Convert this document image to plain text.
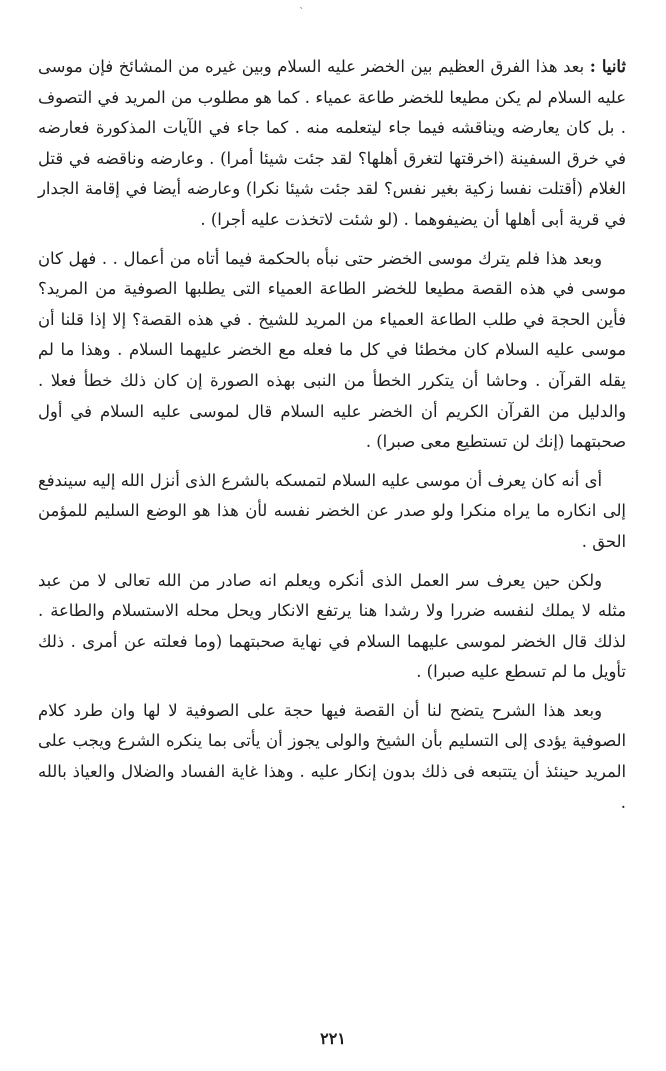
`

ثانيا : بعد هذا الفرق العظيم بين الخضر عليه السلام وبين غيره من المشائخ فإن موسى عليه السلام لم يكن مطيعا للخضر طاعة عمياء . كما هو مطلوب من المريد في التصوف . بل كان يعارضه ويناقشه فيما جاء ليتعلمه منه . كما جاء في الآيات المذكورة فعارضه في خرق السفينة (اخرقتها لتغرق أهلها؟ لقد جئت شيئا أمرا) . وعارضه وناقضه في قتل الغلام (أقتلت نفسا زكية بغير نفس؟ لقد جئت شيئا نكرا) وعارضه أيضا في إقامة الجدار في قرية أبى أهلها أن يضيفوهما . (لو شئت لاتخذت عليه أجرا) .

وبعد هذا فلم يترك موسى الخضر حتى نبأه بالحكمة فيما أتاه من أعمال . . فهل كان موسى في هذه القصة مطيعا للخضر الطاعة العمياء التى يطلبها الصوفية من المريد؟ فأين الحجة في طلب الطاعة العمياء من المريد للشيخ . في هذه القصة؟ إلا إذا قلنا أن موسى عليه السلام كان مخطئا في كل ما فعله مع الخضر عليهما السلام . وهذا ما لم يقله القرآن . وحاشا أن يتكرر الخطأ من النبى بهذه الصورة إن كان ذلك خطأ فعلا . والدليل من القرآن الكريم أن الخضر عليه السلام قال لموسى عليه السلام في أول صحبتهما (إنك لن تستطيع معى صبرا) .

أى أنه كان يعرف أن موسى عليه السلام لتمسكه بالشرع الذى أنزل الله إليه سيندفع إلى انكاره ما يراه منكرا ولو صدر عن الخضر نفسه لأن هذا هو الوضع السليم للمؤمن الحق .

ولكن حين يعرف سر العمل الذى أنكره ويعلم انه صادر من الله تعالى لا من عبد مثله لا يملك لنفسه ضررا ولا رشدا هنا يرتفع الانكار ويحل محله الاستسلام والطاعة . لذلك قال الخضر لموسى عليهما السلام في نهاية صحبتهما (وما فعلته عن أمرى . ذلك تأويل ما لم تسطع عليه صبرا) .

وبعد هذا الشرح يتضح لنا أن القصة فيها حجة على الصوفية لا لها وان طرد كلام الصوفية يؤدى إلى التسليم بأن الشيخ والولى يجوز أن يأتى بما ينكره الشرع ويجب على المريد حينئذ أن يتتبعه فى ذلك بدون إنكار عليه . وهذا غاية الفساد والضلال والعياذ بالله .

٢٢١
